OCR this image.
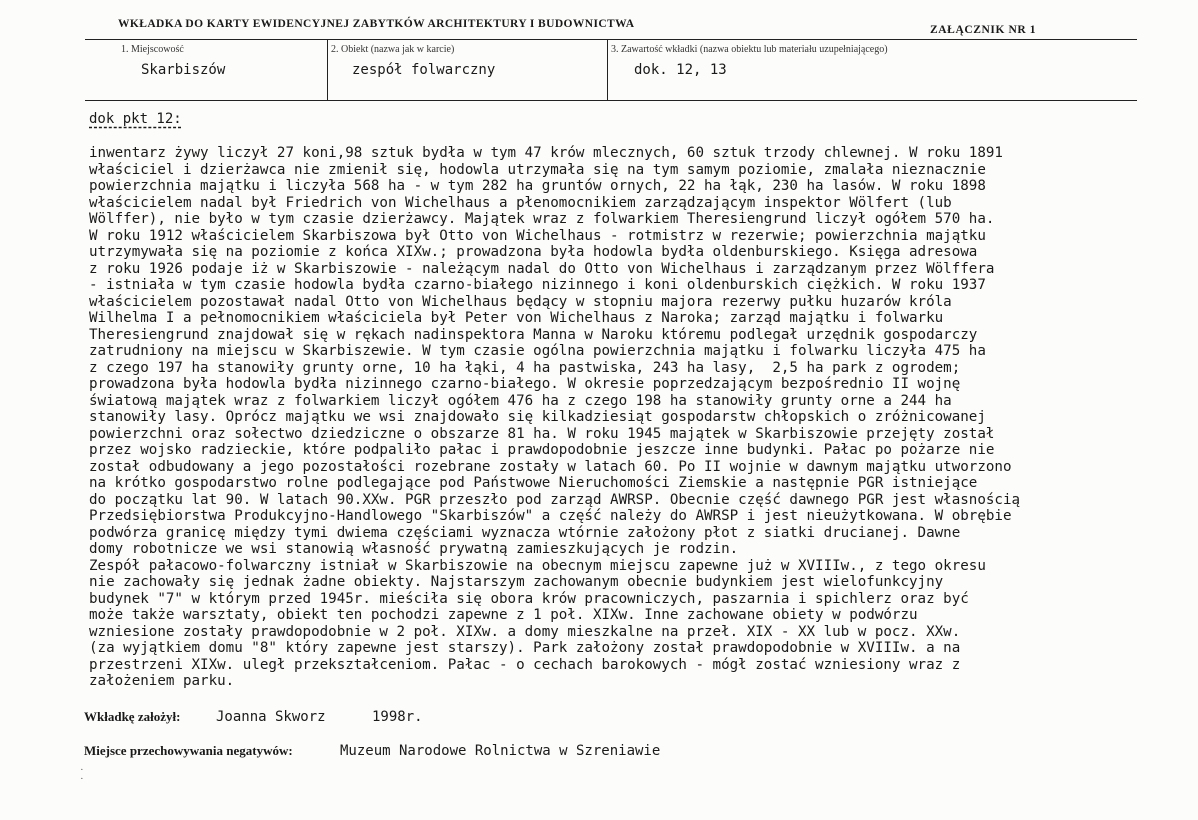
WKŁADKA DO KARTY EWIDENCYJNEJ ZABYTKÓW ARCHITEKTURY I BUDOWNICTWA	ZAŁĄCZNIK NR 1
1. Miejscowość
Skarbiszów
2. Obiekt (nazwa jak w karcie)
zespół folwarczny
3. Zawartość wkładki (nazwa obiektu lub materiału uzupełniającego)
dok. 12, 13
dok pkt 12:
inwentarz żywy liczył 27 koni,98 sztuk bydła w tym 47 krów mlecznych, 60 sztuk trzody chlewnej. W roku 1891
właściciel i dzierżawca nie zmienił się, hodowla utrzymała się na tym samym poziomie, zmalała nieznacznie
powierzchnia majątku i liczyła 568 ha - w tym 282 ha gruntów ornych, 22 ha łąk, 230 ha lasów. W roku 1898
właścicielem nadal był Friedrich von Wichelhaus a płenomocnikiem zarządzającym inspektor Wölfert (lub
Wölffer), nie było w tym czasie dzierżawcy. Majątek wraz z folwarkiem Theresiengrund liczył ogółem 570 ha.
W roku 1912 właścicielem Skarbiszowa był Otto von Wichelhaus - rotmistrz w rezerwie; powierzchnia majątku
utrzymywała się na poziomie z końca XIXw.; prowadzona była hodowla bydła oldenburskiego. Księga adresowa
z roku 1926 podaje iż w Skarbiszowie - należącym nadal do Otto von Wichelhaus i zarządzanym przez Wölffera
- istniała w tym czasie hodowla bydła czarno-białego nizinnego i koni oldenburskich ciężkich. W roku 1937
właścicielem pozostawał nadal Otto von Wichelhaus będący w stopniu majora rezerwy pułku huzarów króla
Wilhelma I a pełnomocnikiem właściciela był Peter von Wichelhaus z Naroka; zarząd majątku i folwarku
Theresiengrund znajdował się w rękach nadinspektora Manna w Naroku któremu podlegał urzędnik gospodarczy
zatrudniony na miejscu w Skarbiszewie. W tym czasie ogólna powierzchnia majątku i folwarku liczyła 475 ha
z czego 197 ha stanowiły grunty orne, 10 ha łąki, 4 ha pastwiska, 243 ha lasy,  2,5 ha park z ogrodem;
prowadzona była hodowla bydła nizinnego czarno-białego. W okresie poprzedzającym bezpośrednio II wojnę
światową majątek wraz z folwarkiem liczył ogółem 476 ha z czego 198 ha stanowiły grunty orne a 244 ha
stanowiły lasy. Oprócz majątku we wsi znajdowało się kilkadziesiąt gospodarstw chłopskich o zróżnicowanej
powierzchni oraz sołectwo dziedziczne o obszarze 81 ha. W roku 1945 majątek w Skarbiszowie przejęty został
przez wojsko radzieckie, które podpaliło pałac i prawdopodobnie jeszcze inne budynki. Pałac po pożarze nie
został odbudowany a jego pozostałości rozebrane zostały w latach 60. Po II wojnie w dawnym majątku utworzono
na krótko gospodarstwo rolne podlegające pod Państwowe Nieruchomości Ziemskie a następnie PGR istniejące
do początku lat 90. W latach 90.XXw. PGR przeszło pod zarząd AWRSP. Obecnie część dawnego PGR jest własnością
Przedsiębiorstwa Produkcyjno-Handlowego "Skarbiszów" a część należy do AWRSP i jest nieużytkowana. W obrębie
podwórza granicę między tymi dwiema częściami wyznacza wtórnie założony płot z siatki drucianej. Dawne
domy robotnicze we wsi stanowią własność prywatną zamieszkujących je rodzin.
Zespół pałacowo-folwarczny istniał w Skarbiszowie na obecnym miejscu zapewne już w XVIIIw., z tego okresu
nie zachowały się jednak żadne obiekty. Najstarszym zachowanym obecnie budynkiem jest wielofunkcyjny
budynek "7" w którym przed 1945r. mieściła się obora krów pracowniczych, paszarnia i spichlerz oraz być
może także warsztaty, obiekt ten pochodzi zapewne z 1 poł. XIXw. Inne zachowane obiety w podwórzu
wzniesione zostały prawdopodobnie w 2 poł. XIXw. a domy mieszkalne na przeł. XIX - XX lub w pocz. XXw.
(za wyjątkiem domu "8" który zapewne jest starszy). Park założony został prawdopodobnie w XVIIIw. a na
przestrzeni XIXw. uległ przekształceniom. Pałac - o cechach barokowych - mógł zostać wzniesiony wraz z
założeniem parku.
Wkładkę założył:	Joanna Skworz	1998r.
Miejsce przechowywania negatywów:	Muzeum Narodowe Rolnictwa w Szreniawie
·
·
